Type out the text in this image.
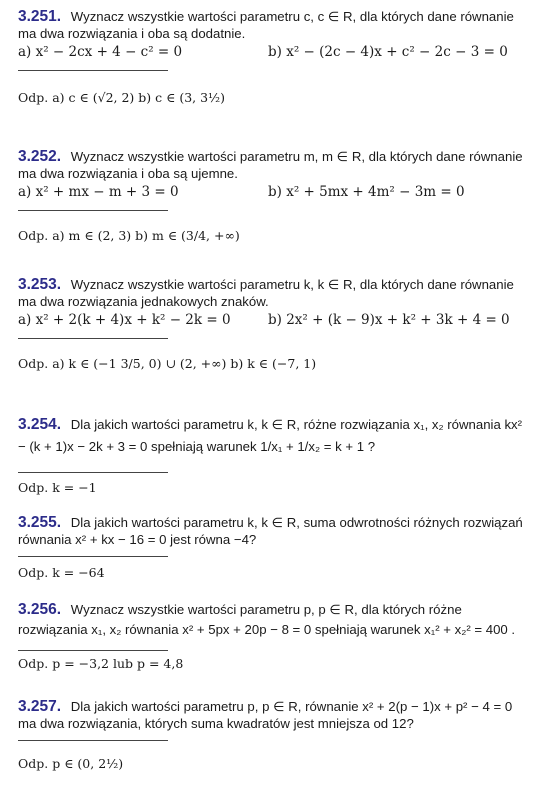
3.251. Wyznacz wszystkie wartości parametru c, c ∈ R, dla których dane równanie ma dwa rozwiązania i oba są dodatnie.
a) x² − 2cx + 4 − c² = 0	b) x² − (2c − 4)x + c² − 2c − 3 = 0
Odp. a) c ∈ (√2, 2) b) c ∈ (3, 3½)
3.252. Wyznacz wszystkie wartości parametru m, m ∈ R, dla których dane równanie ma dwa rozwiązania i oba są ujemne.
a) x² + mx − m + 3 = 0	b) x² + 5mx + 4m² − 3m = 0
Odp. a) m ∈ (2, 3) b) m ∈ (3/4, +∞)
3.253. Wyznacz wszystkie wartości parametru k, k ∈ R, dla których dane równanie ma dwa rozwiązania jednakowych znaków.
a) x² + 2(k + 4)x + k² − 2k = 0	b) 2x² + (k − 9)x + k² + 3k + 4 = 0
Odp. a) k ∈ (−1 3/5, 0) ∪ (2, +∞) b) k ∈ (−7, 1)
3.254. Dla jakich wartości parametru k, k ∈ R, różne rozwiązania x₁, x₂ równania kx² − (k + 1)x − 2k + 3 = 0 spełniają warunek 1/x₁ + 1/x₂ = k + 1 ?
Odp. k = −1
3.255. Dla jakich wartości parametru k, k ∈ R, suma odwrotności różnych rozwiązań równania x² + kx − 16 = 0 jest równa −4?
Odp. k = −64
3.256. Wyznacz wszystkie wartości parametru p, p ∈ R, dla których różne rozwiązania x₁, x₂ równania x² + 5px + 20p − 8 = 0 spełniają warunek x₁² + x₂² = 400 .
Odp. p = −3,2 lub p = 4,8
3.257. Dla jakich wartości parametru p, p ∈ R, równanie x² + 2(p − 1)x + p² − 4 = 0 ma dwa rozwiązania, których suma kwadratów jest mniejsza od 12?
Odp. p ∈ (0, 2½)
